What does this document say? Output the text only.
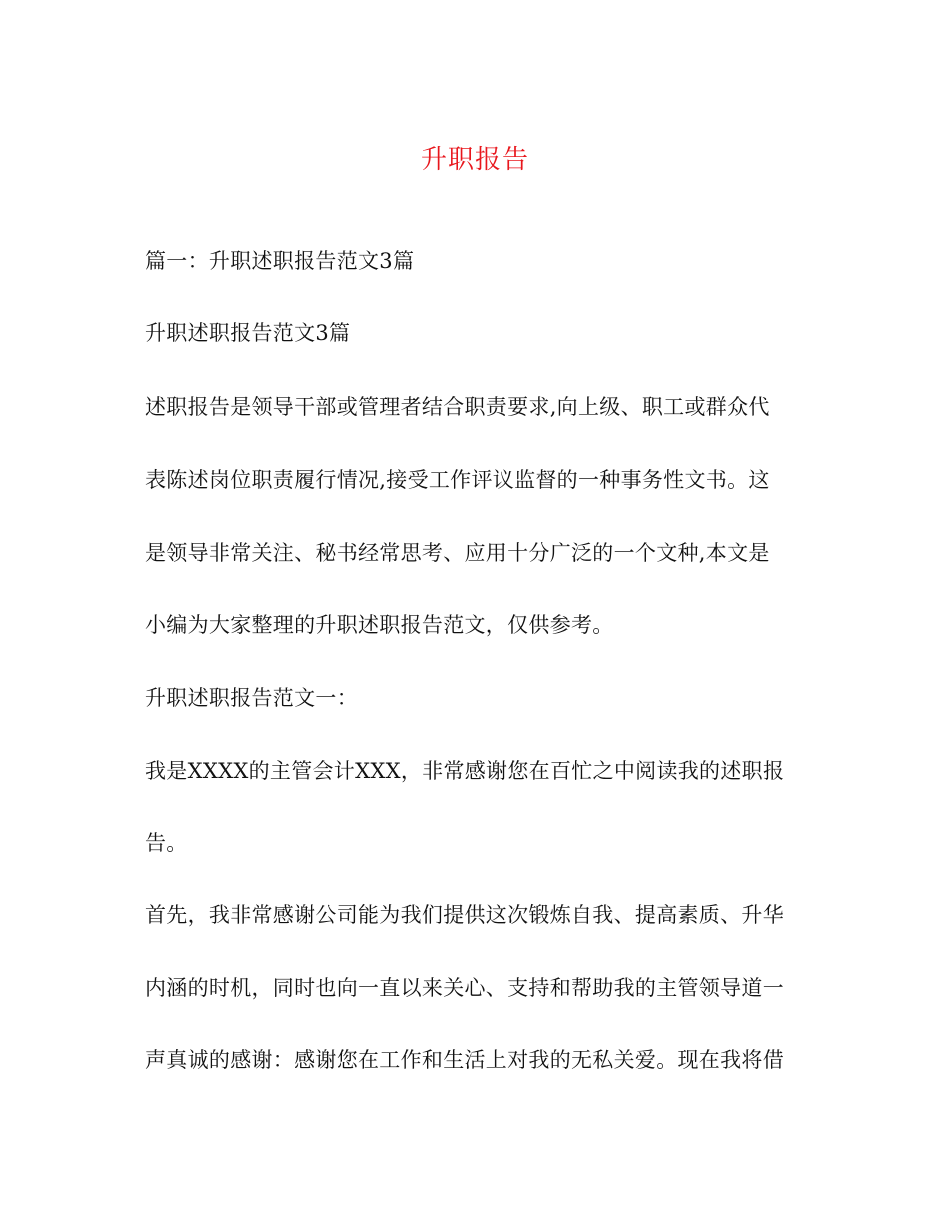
升职报告
篇一：升职述职报告范文3篇
升职述职报告范文3篇
述职报告是领导干部或管理者结合职责要求,向上级、职工或群众代
表陈述岗位职责履行情况,接受工作评议监督的一种事务性文书。这
是领导非常关注、秘书经常思考、应用十分广泛的一个文种,本文是
小编为大家整理的升职述职报告范文，仅供参考。
升职述职报告范文一：
我是XXXX的主管会计XXX，非常感谢您在百忙之中阅读我的述职报
告。
首先，我非常感谢公司能为我们提供这次锻炼自我、提高素质、升华
内涵的时机，同时也向一直以来关心、支持和帮助我的主管领导道一
声真诚的感谢：感谢您在工作和生活上对我的无私关爱。现在我将借
